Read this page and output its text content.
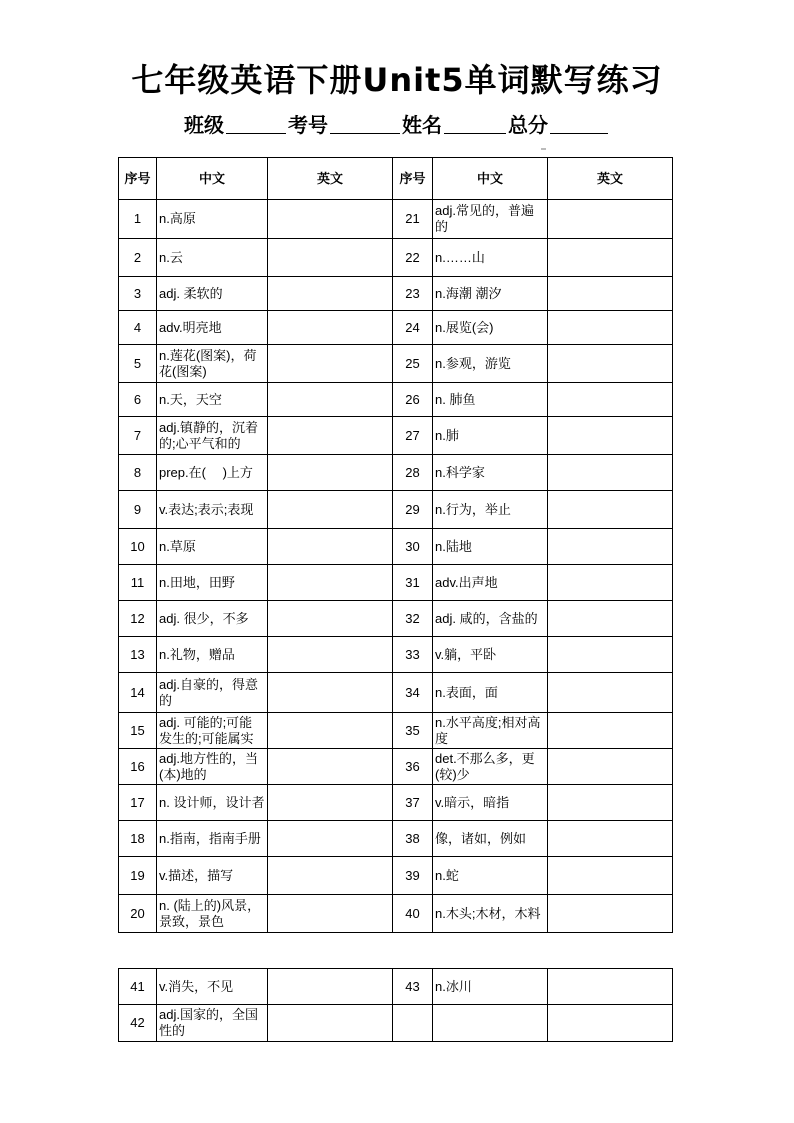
七年级英语下册Unit5单词默写练习
班级	考号	姓名	总分
序号	中文	英文	序号	中文	英文
1	n.高原		21	adj.常见的，普遍的	
2	n.云		22	n.……山	
3	adj. 柔软的		23	n.海潮 潮汐	
4	adv.明亮地		24	n.展览(会)	
5	n.莲花(图案)，荷花(图案)		25	n.参观，游览	
6	n.天，天空		26	n. 肺鱼	
7	adj.镇静的，沉着的;心平气和的		27	n.肺	
8	prep.在(　 )上方		28	n.科学家	
9	v.表达;表示;表现		29	n.行为，举止	
10	n.草原		30	n.陆地	
11	n.田地，田野		31	adv.出声地	
12	adj. 很少，不多		32	adj. 咸的，含盐的	
13	n.礼物，赠品		33	v.躺，平卧	
14	adj.自豪的，得意的		34	n.表面，面	
15	adj. 可能的;可能发生的;可能属实		35	n.水平高度;相对高度	
16	adj.地方性的，当(本)地的		36	det.不那么多，更(较)少	
17	n. 设计师，设计者		37	v.暗示，暗指	
18	n.指南，指南手册		38	像，诸如，例如	
19	v.描述，描写		39	n.蛇	
20	n. (陆上的)风景，景致，景色		40	n.木头;木材，木料	
41	v.消失，不见		43	n.冰川	
42	adj.国家的，全国性的				
